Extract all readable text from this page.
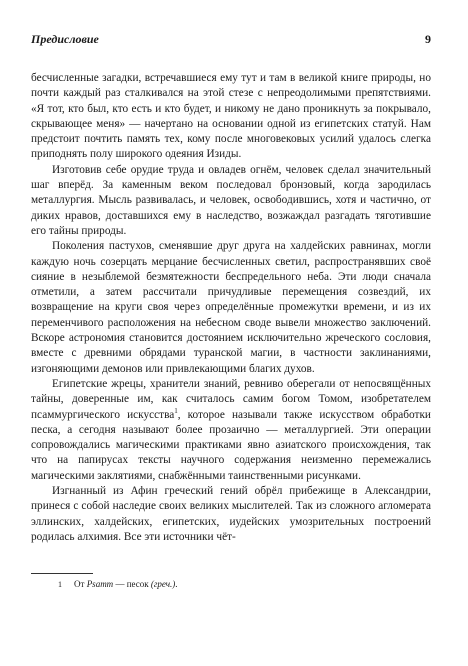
Предисловие	9

бесчисленные загадки, встречавшиеся ему тут и там в великой книге природы, но почти каждый раз сталкивался на этой стезе с непреодолимыми препятствиями. «Я тот, кто был, кто есть и кто будет, и никому не дано проникнуть за покрывало, скрывающее меня» — начертано на основании одной из египетских статуй. Нам предстоит почтить память тех, кому после многовековых усилий удалось слегка приподнять полу широкого одеяния Изиды.

Изготовив себе орудие труда и овладев огнём, человек сделал значительный шаг вперёд. За каменным веком последовал бронзовый, когда зародилась металлургия. Мысль развивалась, и человек, освободившись, хотя и частично, от диких нравов, доставшихся ему в наследство, возжаждал разгадать тяготившие его тайны природы.

Поколения пастухов, сменявшие друг друга на халдейских равнинах, могли каждую ночь созерцать мерцание бесчисленных светил, распространявших своё сияние в незыблемой безмятежности беспредельного неба. Эти люди сначала отметили, а затем рассчитали причудливые перемещения созвездий, их возвращение на круги своя через определённые промежутки времени, и из их переменчивого расположения на небесном своде вывели множество заключений. Вскоре астрономия становится достоянием исключительно жреческого сословия, вместе с древними обрядами туранской магии, в частности заклинаниями, изгоняющими демонов или привлекающими благих духов.

Египетские жрецы, хранители знаний, ревниво оберегали от непосвящённых тайны, доверенные им, как считалось самим богом Томом, изобретателем псаммургического искусства$^1$, которое называли также искусством обработки песка, а сегодня называют более прозаично — металлургией. Эти операции сопровождались магическими практиками явно азиатского происхождения, так что на папирусах тексты научного содержания неизменно перемежались магическими заклятиями, снабжёнными таинственными рисунками.

Изгнанный из Афин греческий гений обрёл прибежище в Александрии, принеся с собой наследие своих великих мыслителей. Так из сложного агломерата эллинских, халдейских, египетских, иудейских умозрительных построений родилась алхимия. Все эти источники чёт-

1 От Psamm — песок (греч.).
